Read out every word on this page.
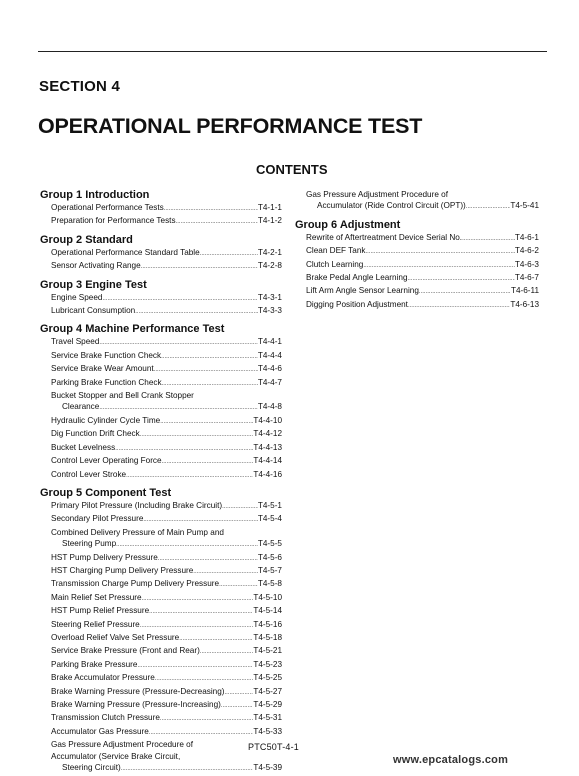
SECTION 4
OPERATIONAL PERFORMANCE TEST
CONTENTS
Group 1 Introduction
Operational Performance Tests .....	T4-1-1
Preparation for Performance Tests .....	T4-1-2
Group 2 Standard
Operational Performance Standard Table .....	T4-2-1
Sensor Activating Range .....	T4-2-8
Group 3 Engine Test
Engine Speed .....	T4-3-1
Lubricant Consumption .....	T4-3-3
Group 4 Machine Performance Test
Travel Speed .....	T4-4-1
Service Brake Function Check .....	T4-4-4
Service Brake Wear Amount .....	T4-4-6
Parking Brake Function Check .....	T4-4-7
Bucket Stopper and Bell Crank Stopper
Clearance .....	T4-4-8
Hydraulic Cylinder Cycle Time .....	T4-4-10
Dig Function Drift Check .....	T4-4-12
Bucket Levelness .....	T4-4-13
Control Lever Operating Force .....	T4-4-14
Control Lever Stroke .....	T4-4-16
Group 5 Component Test
Primary Pilot Pressure (Including Brake Circuit) .....	T4-5-1
Secondary Pilot Pressure .....	T4-5-4
Combined Delivery Pressure of Main Pump and
Steering Pump .....	T4-5-5
HST Pump Delivery Pressure .....	T4-5-6
HST Charging Pump Delivery Pressure .....	T4-5-7
Transmission Charge Pump Delivery Pressure .....	T4-5-8
Main Relief Set Pressure .....	T4-5-10
HST Pump Relief Pressure .....	T4-5-14
Steering Relief Pressure .....	T4-5-16
Overload Relief Valve Set Pressure .....	T4-5-18
Service Brake Pressure (Front and Rear) .....	T4-5-21
Parking Brake Pressure .....	T4-5-23
Brake Accumulator Pressure .....	T4-5-25
Brake Warning Pressure (Pressure-Decreasing) .....	T4-5-27
Brake Warning Pressure (Pressure-Increasing) .....	T4-5-29
Transmission Clutch Pressure .....	T4-5-31
Accumulator Gas Pressure .....	T4-5-33
Gas Pressure Adjustment Procedure of
Accumulator (Service Brake Circuit,
Steering Circuit) .....	T4-5-39
Gas Pressure Adjustment Procedure of
Accumulator (Ride Control Circuit (OPT)) .....	T4-5-41
Group 6 Adjustment
Rewrite of Aftertreatment Device Serial No. .....	T4-6-1
Clean DEF Tank .....	T4-6-2
Clutch Learning .....	T4-6-3
Brake Pedal Angle Learning .....	T4-6-7
Lift Arm Angle Sensor Learning .....	T4-6-11
Digging Position Adjustment .....	T4-6-13
PTC50T-4-1
www.epcatalogs.com
